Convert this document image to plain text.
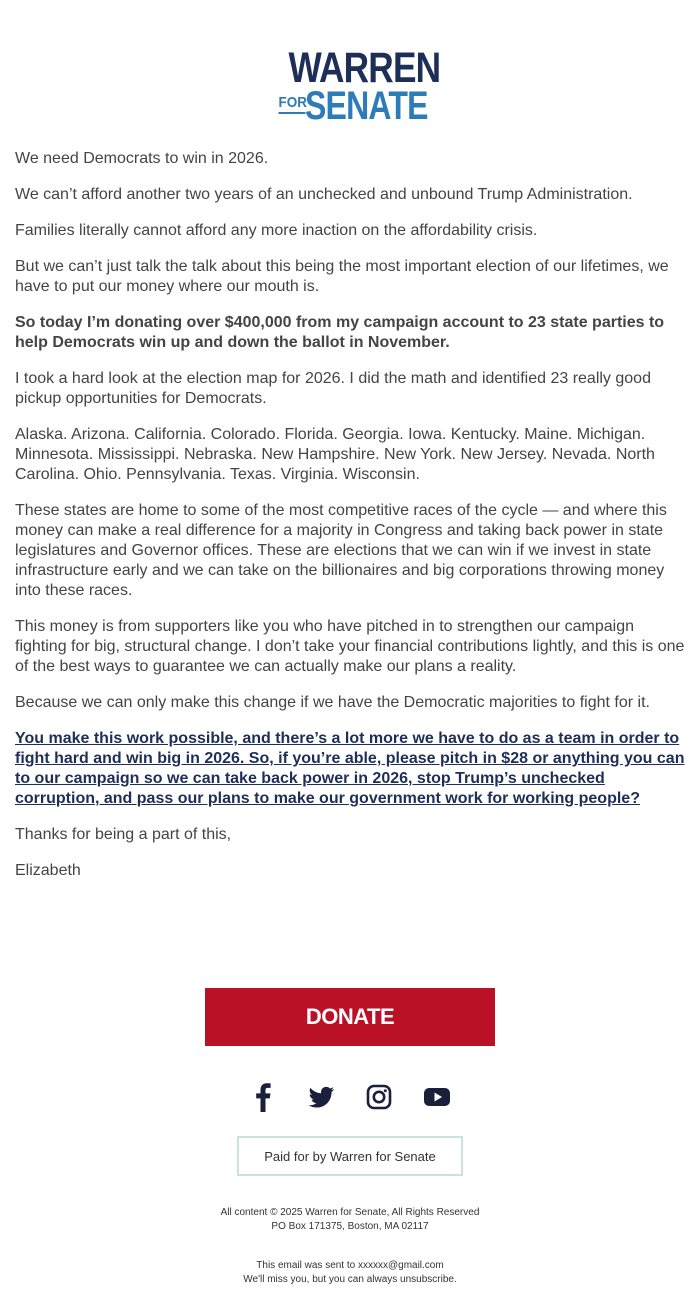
WARREN
FOR
SENATE

We need Democrats to win in 2026.

We can’t afford another two years of an unchecked and unbound Trump Administration.

Families literally cannot afford any more inaction on the affordability crisis.

But we can’t just talk the talk about this being the most important election of our lifetimes, we have to put our money where our mouth is.

So today I’m donating over $400,000 from my campaign account to 23 state parties to help Democrats win up and down the ballot in November.

I took a hard look at the election map for 2026. I did the math and identified 23 really good pickup opportunities for Democrats.

Alaska. Arizona. California. Colorado. Florida. Georgia. Iowa. Kentucky. Maine. Michigan. Minnesota. Mississippi. Nebraska. New Hampshire. New York. New Jersey. Nevada. North Carolina. Ohio. Pennsylvania. Texas. Virginia. Wisconsin.

These states are home to some of the most competitive races of the cycle — and where this money can make a real difference for a majority in Congress and taking back power in state legislatures and Governor offices. These are elections that we can win if we invest in state infrastructure early and we can take on the billionaires and big corporations throwing money into these races.

This money is from supporters like you who have pitched in to strengthen our campaign fighting for big, structural change. I don’t take your financial contributions lightly, and this is one of the best ways to guarantee we can actually make our plans a reality.

Because we can only make this change if we have the Democratic majorities to fight for it.

You make this work possible, and there’s a lot more we have to do as a team in order to fight hard and win big in 2026. So, if you’re able, please pitch in $28 or anything you can to our campaign so we can take back power in 2026, stop Trump’s unchecked corruption, and pass our plans to make our government work for working people?

Thanks for being a part of this,

Elizabeth

DONATE
Paid for by Warren for Senate
All content © 2025 Warren for Senate, All Rights Reserved
PO Box 171375, Boston, MA 02117
This email was sent to xxxxxx@gmail.com
We'll miss you, but you can always unsubscribe.
